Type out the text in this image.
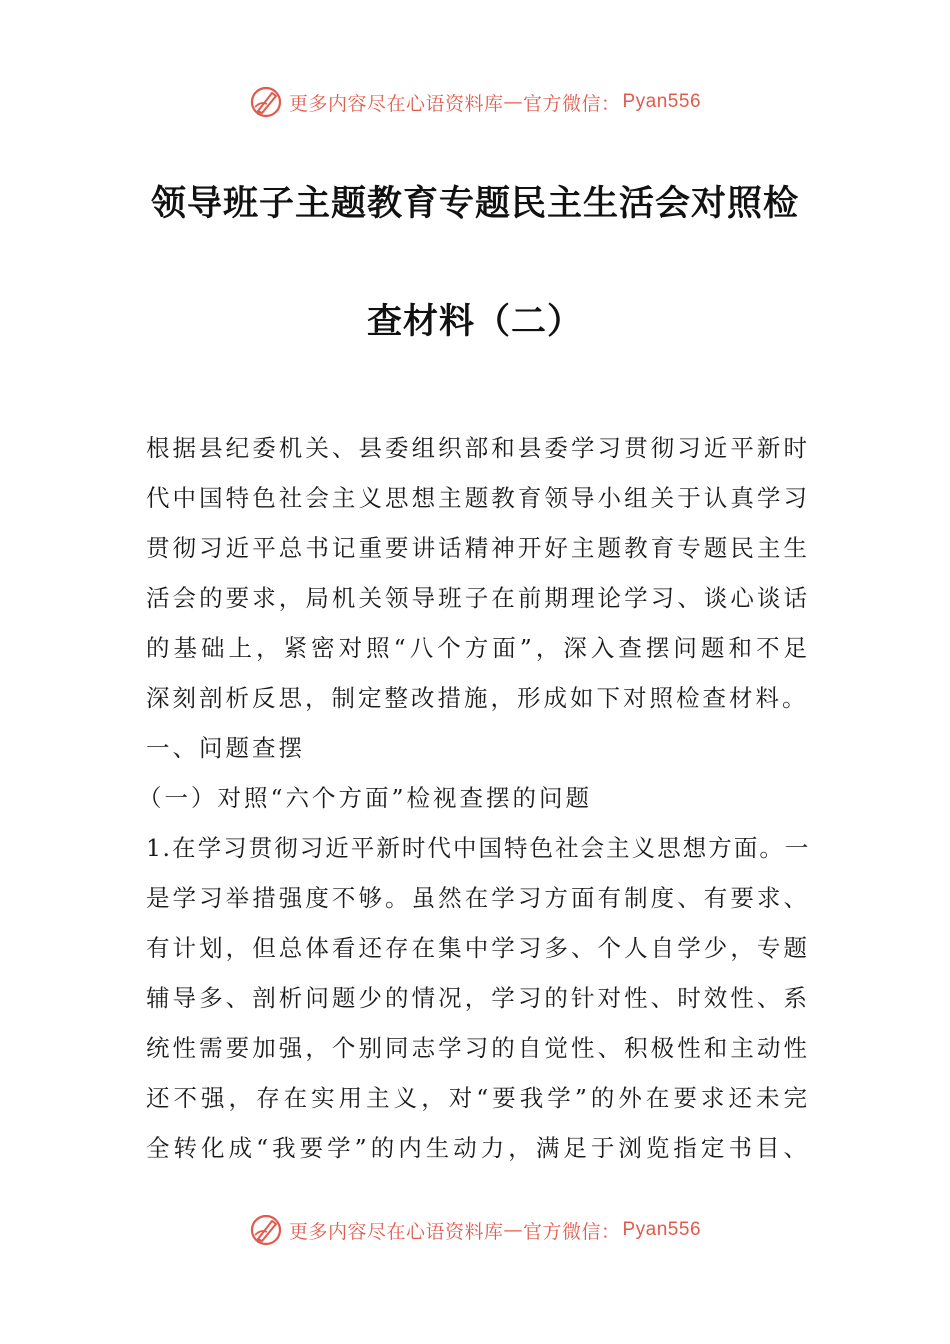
更多内容尽在心语资料库 — 官方微信： Pyan556
领导班子主题教育专题民主生活会对照检
查材料（二）
根据县纪委机关、县委组织部和县委学习贯彻习近平新时
代中国特色社会主义思想主题教育领导小组关于认真学习
贯彻习近平总书记重要讲话精神开好主题教育专题民主生
活会的要求，局机关领导班子在前期理论学习、谈心谈话
的基础上，紧密对照“八个方面”，深入查摆问题和不足
深刻剖析反思，制定整改措施，形成如下对照检查材料。
一、问题查摆
（一）对照“六个方面”检视查摆的问题
1.在学习贯彻习近平新时代中国特色社会主义思想方面。一
是学习举措强度不够。虽然在学习方面有制度、有要求、
有计划，但总体看还存在集中学习多、个人自学少，专题
辅导多、剖析问题少的情况，学习的针对性、时效性、系
统性需要加强，个别同志学习的自觉性、积极性和主动性
还不强，存在实用主义，对“要我学”的外在要求还未完
全转化成“我要学”的内生动力，满足于浏览指定书目、
更多内容尽在心语资料库 — 官方微信： Pyan556
